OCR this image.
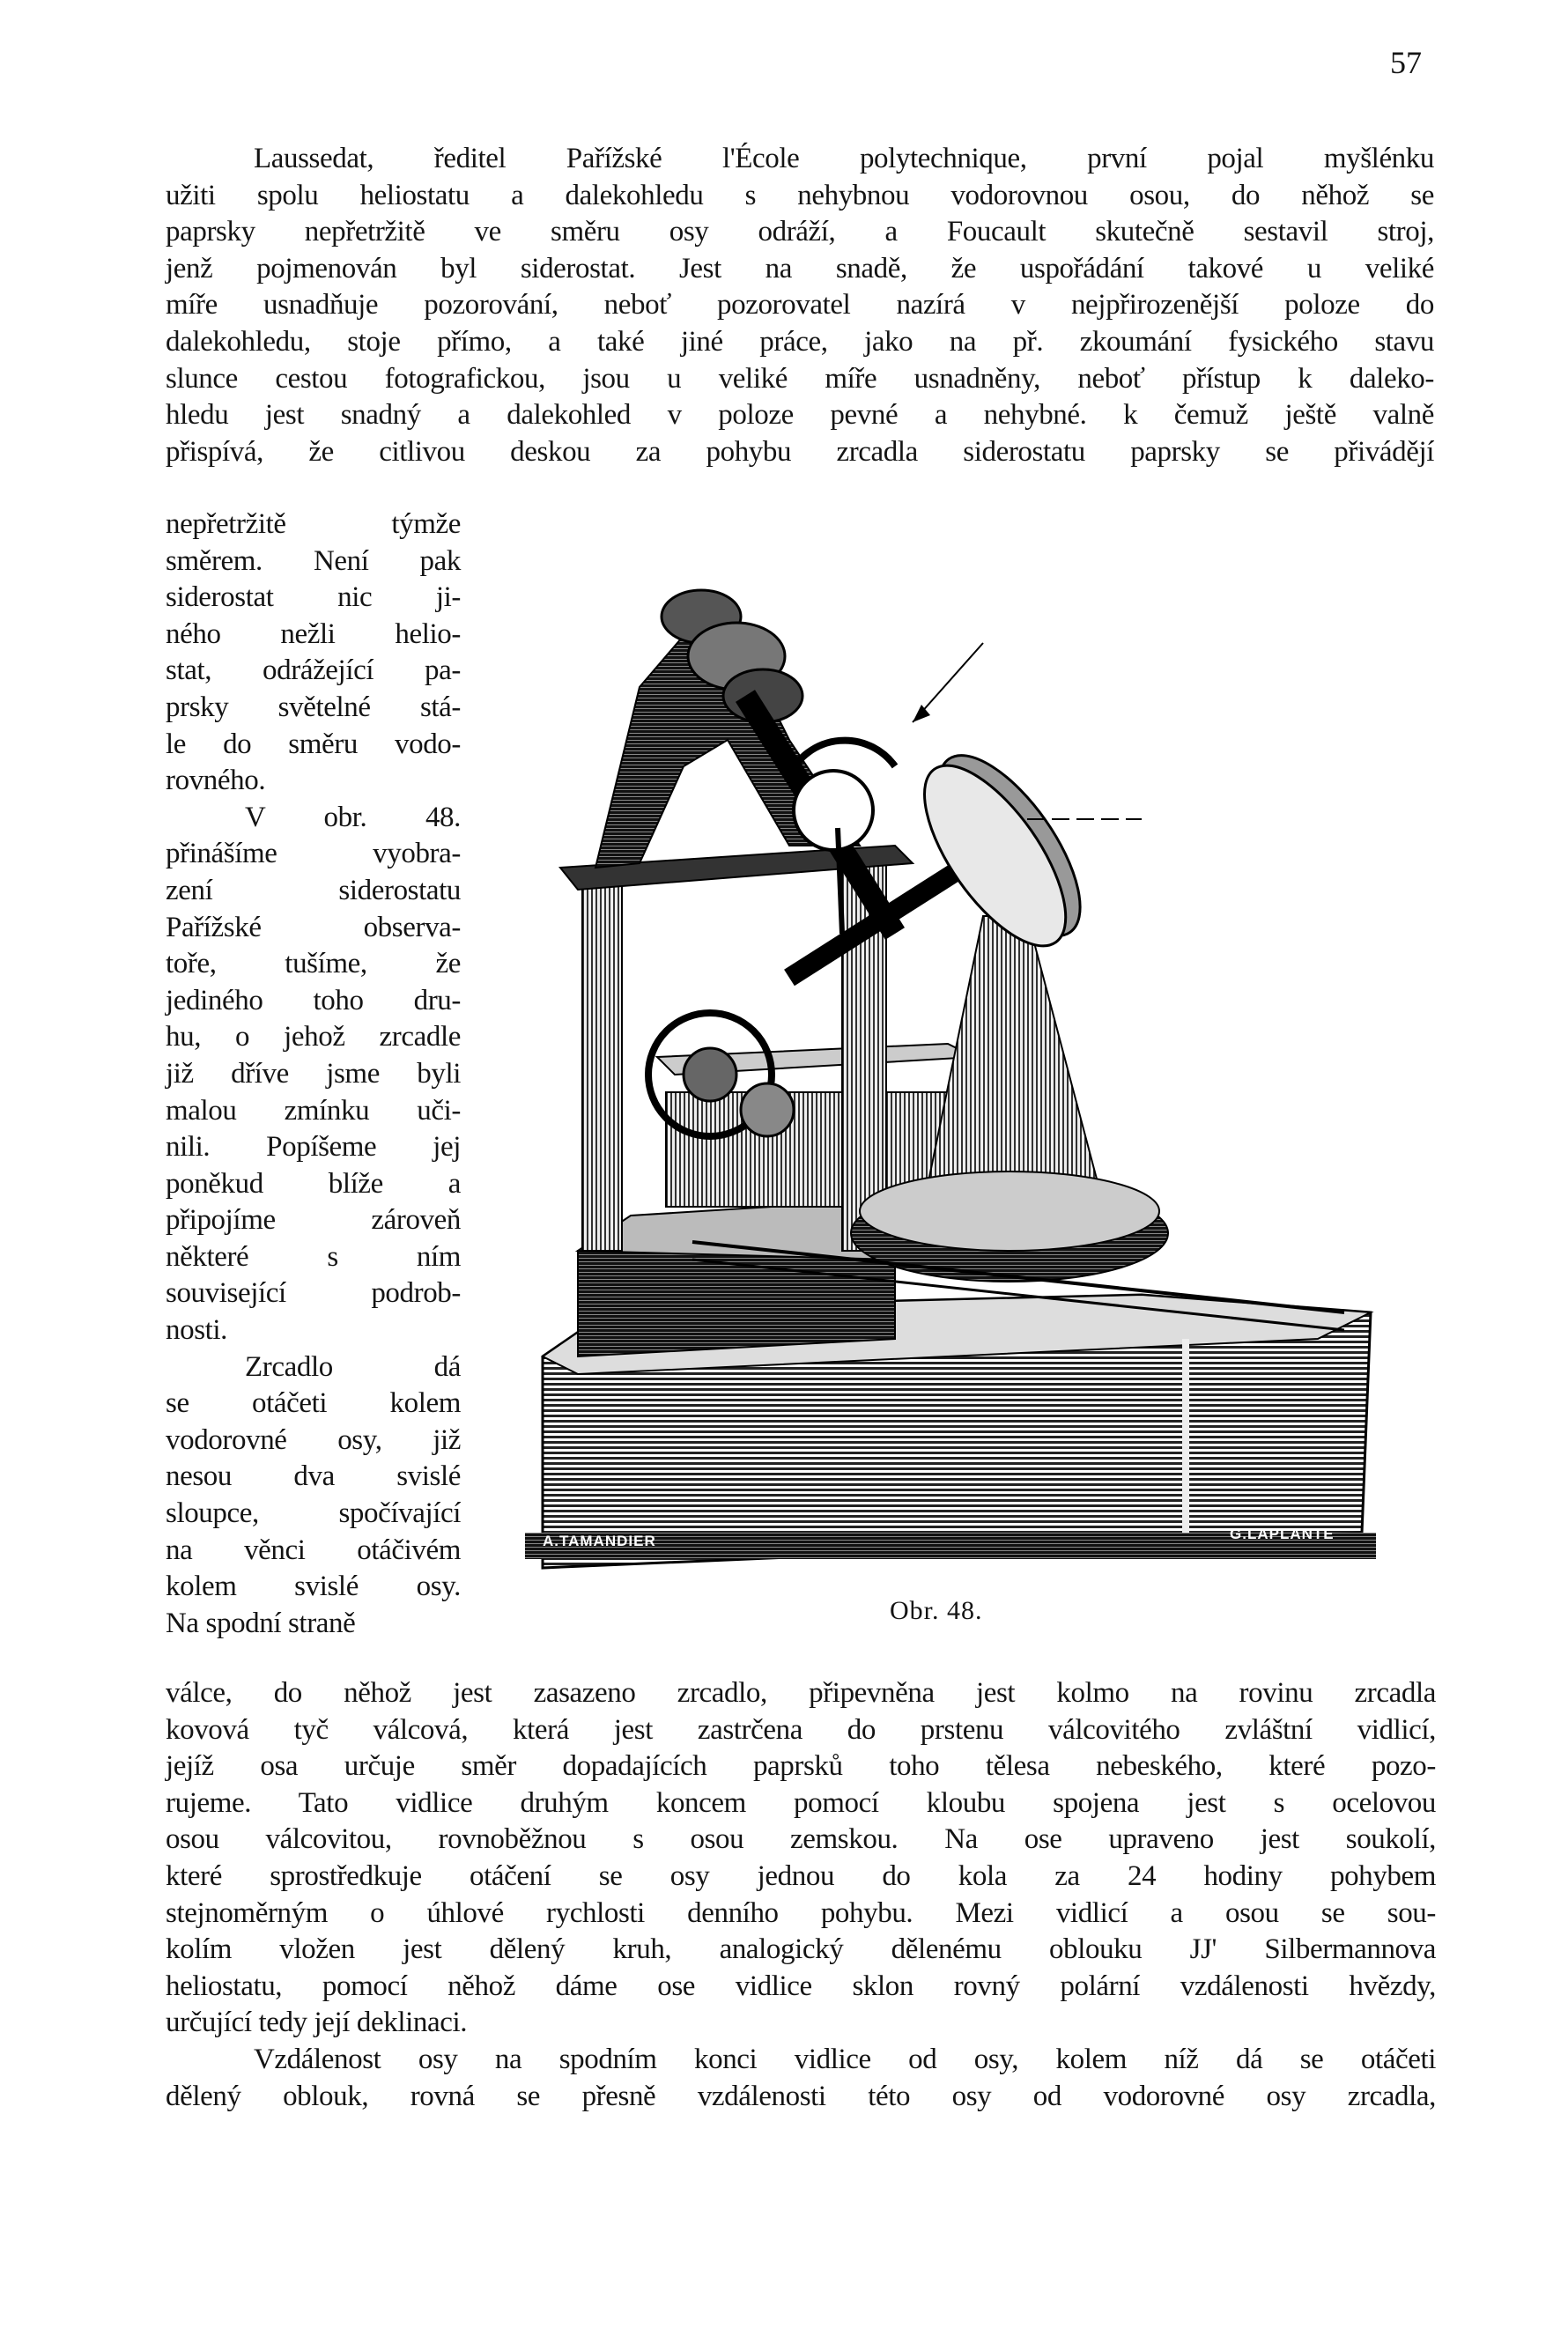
57
Laussedat, ředitel Pařížské l'École polytechnique, první pojal myšlénku
užiti spolu heliostatu a dalekohledu s nehybnou vodorovnou osou, do něhož se
paprsky nepřetržitě ve směru osy odráží, a Foucault skutečně sestavil stroj,
jenž pojmenován byl siderostat. Jest na snadě, že uspořádání takové u veliké
míře usnadňuje pozorování, neboť pozorovatel nazírá v nejpřirozenější poloze do
dalekohledu, stoje přímo, a také jiné práce, jako na př. zkoumání fysického stavu
slunce cestou fotografickou, jsou u veliké míře usnadněny, neboť přístup k daleko-
hledu jest snadný a dalekohled v poloze pevné a nehybné. k čemuž ještě valně
přispívá, že citlivou deskou za pohybu zrcadla siderostatu paprsky se přivádějí
nepřetržitě týmže
směrem. Není pak
siderostat nic ji-
ného nežli helio-
stat, odrážející pa-
prsky světelné stá-
le do směru vodo-
rovného.
V obr. 48.
přinášíme vyobra-
zení siderostatu
Pařížské observa-
toře, tušíme, že
jediného toho dru-
hu, o jehož zrcadle
již dříve jsme byli
malou zmínku uči-
nili. Popíšeme jej
poněkud blíže a
připojíme zároveň
některé s ním
související podrob-
nosti.
Zrcadlo dá
se otáčeti kolem
vodorovné osy, již
nesou dva svislé
sloupce, spočívající
na věnci otáčivém
kolem svislé osy.
Na spodní straně
A.TAMANDIER	G.LAPLANTE
Obr. 48.
válce, do něhož jest zasazeno zrcadlo, připevněna jest kolmo na rovinu zrcadla
kovová tyč válcová, která jest zastrčena do prstenu válcovitého zvláštní vidlicí,
jejíž osa určuje směr dopadajících paprsků toho tělesa nebeského, které pozo-
rujeme. Tato vidlice druhým koncem pomocí kloubu spojena jest s ocelovou
osou válcovitou, rovnoběžnou s osou zemskou. Na ose upraveno jest soukolí,
které sprostředkuje otáčení se osy jednou do kola za 24 hodiny pohybem
stejnoměrným o úhlové rychlosti denního pohybu. Mezi vidlicí a osou se sou-
kolím vložen jest dělený kruh, analogický dělenému oblouku JJ' Silbermannova
heliostatu, pomocí něhož dáme ose vidlice sklon rovný polární vzdálenosti hvězdy,
určující tedy její deklinaci.
Vzdálenost osy na spodním konci vidlice od osy, kolem níž dá se otáčeti
dělený oblouk, rovná se přesně vzdálenosti této osy od vodorovné osy zrcadla,
